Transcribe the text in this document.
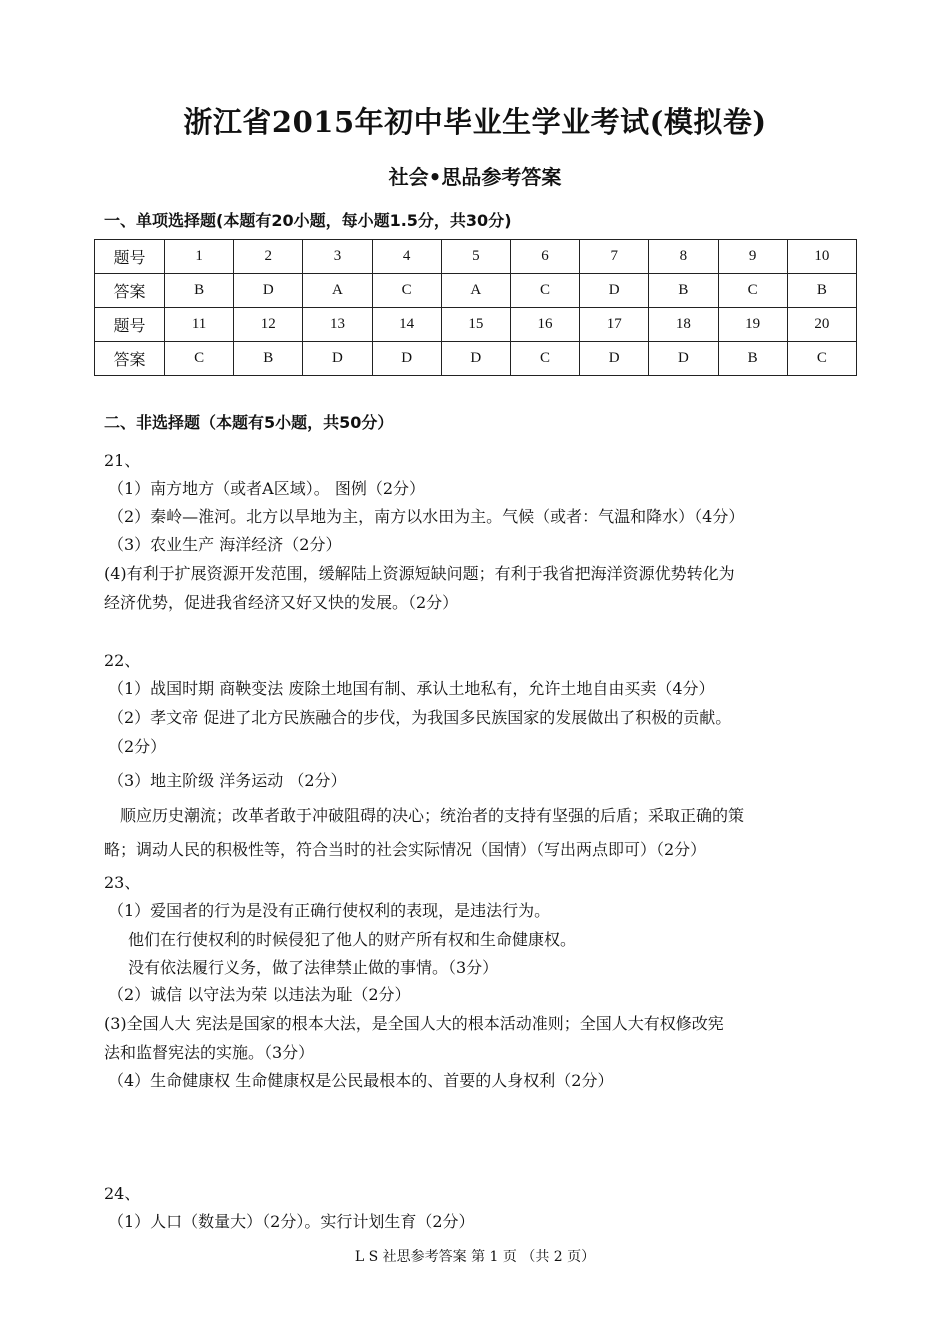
浙江省2015年初中毕业生学业考试(模拟卷)
社会•思品参考答案
一、单项选择题(本题有20小题，每小题1.5分，共30分)
题号	1	2	3	4	5	6	7	8	9	10
答案	B	D	A	C	A	C	D	B	C	B
题号	11	12	13	14	15	16	17	18	19	20
答案	C	B	D	D	D	C	D	D	B	C
二、非选择题（本题有5小题，共50分）
21、
（1）南方地方（或者A区域）。 图例（2分）
（2）秦岭—淮河。北方以旱地为主，南方以水田为主。气候（或者：气温和降水）（4分）
（3）农业生产 海洋经济（2分）
(4)有利于扩展资源开发范围，缓解陆上资源短缺问题；有利于我省把海洋资源优势转化为
经济优势，促进我省经济又好又快的发展。（2分）
22、
（1）战国时期 商鞅变法 废除土地国有制、承认土地私有，允许土地自由买卖（4分）
（2）孝文帝 促进了北方民族融合的步伐，为我国多民族国家的发展做出了积极的贡献。
（2分）
（3）地主阶级 洋务运动 （2分）
顺应历史潮流；改革者敢于冲破阻碍的决心；统治者的支持有坚强的后盾；采取正确的策
略；调动人民的积极性等，符合当时的社会实际情况（国情）（写出两点即可）（2分）
23、
（1）爱国者的行为是没有正确行使权利的表现，是违法行为。
他们在行使权利的时候侵犯了他人的财产所有权和生命健康权。
没有依法履行义务，做了法律禁止做的事情。（3分）
（2）诚信 以守法为荣 以违法为耻（2分）
(3)全国人大 宪法是国家的根本大法，是全国人大的根本活动准则；全国人大有权修改宪
法和监督宪法的实施。（3分）
（4）生命健康权 生命健康权是公民最根本的、首要的人身权利（2分）
24、
（1）人口（数量大）（2分）。实行计划生育（2分）
L S 社思参考答案 第 1 页 （共 2 页）
